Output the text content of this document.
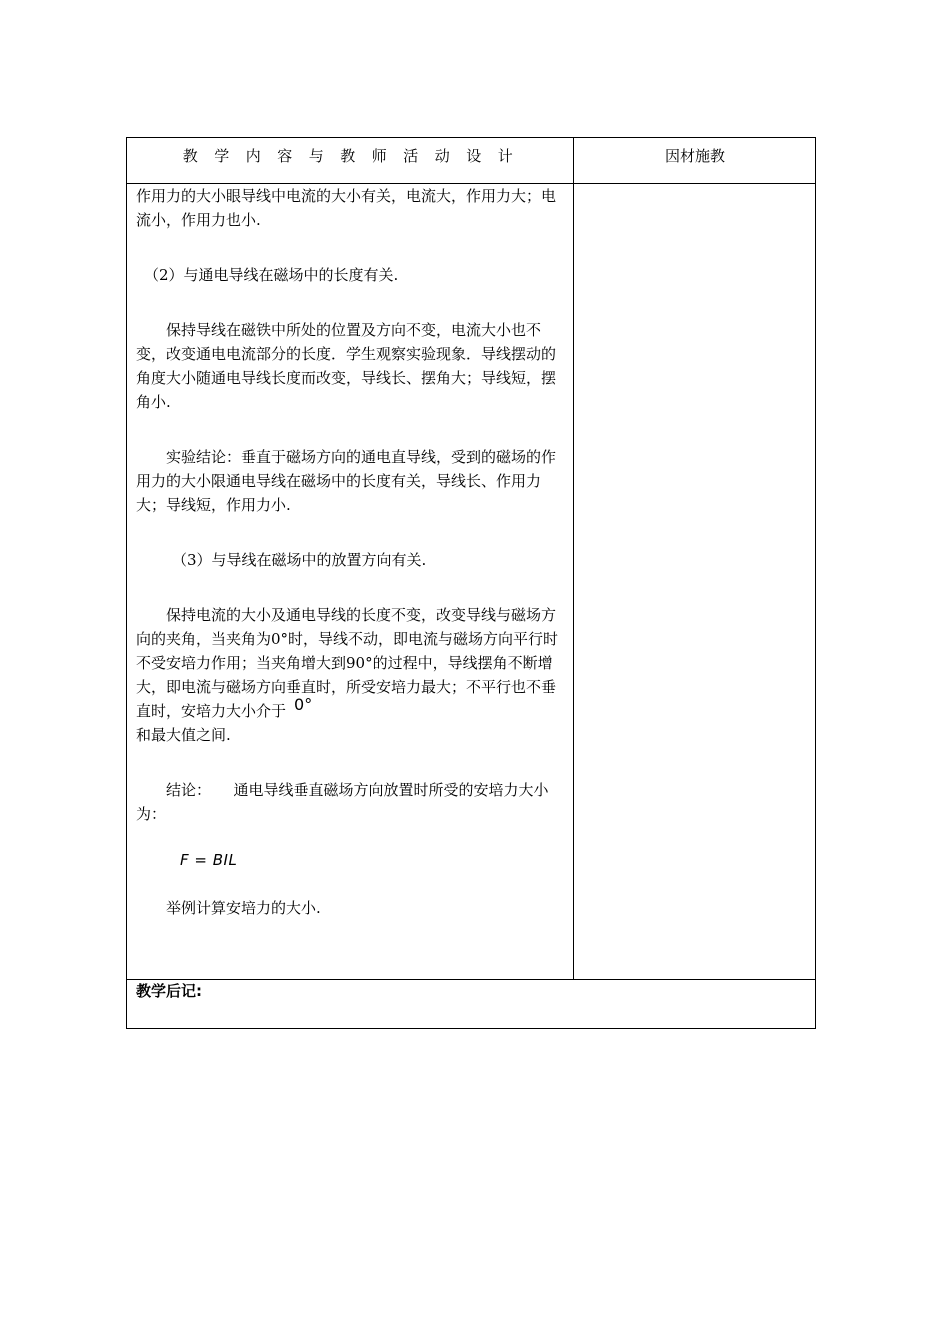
教学内容与教师活动设计	因材施教

作用力的大小眼导线中电流的大小有关，电流大，作用力大；电流小，作用力也小.

（2）与通电导线在磁场中的长度有关.

保持导线在磁铁中所处的位置及方向不变，电流大小也不变，改变通电电流部分的长度．学生观察实验现象．导线摆动的角度大小随通电导线长度而改变，导线长、摆角大；导线短，摆角小.

实验结论：垂直于磁场方向的通电直导线，受到的磁场的作用力的大小限通电导线在磁场中的长度有关，导线长、作用力大；导线短，作用力小.

（3）与导线在磁场中的放置方向有关.

保持电流的大小及通电导线的长度不变，改变导线与磁场方向的夹角，当夹角为0°时，导线不动，即电流与磁场方向平行时不受安培力作用；当夹角增大到90°的过程中，导线摆角不断增大，即电流与磁场方向垂直时，所受安培力最大；不平行也不垂直时，安培力大小介于 0°
和最大值之间.

结论：　　通电导线垂直磁场方向放置时所受的安培力大小为：

F = BIL

举例计算安培力的大小.

教学后记:
